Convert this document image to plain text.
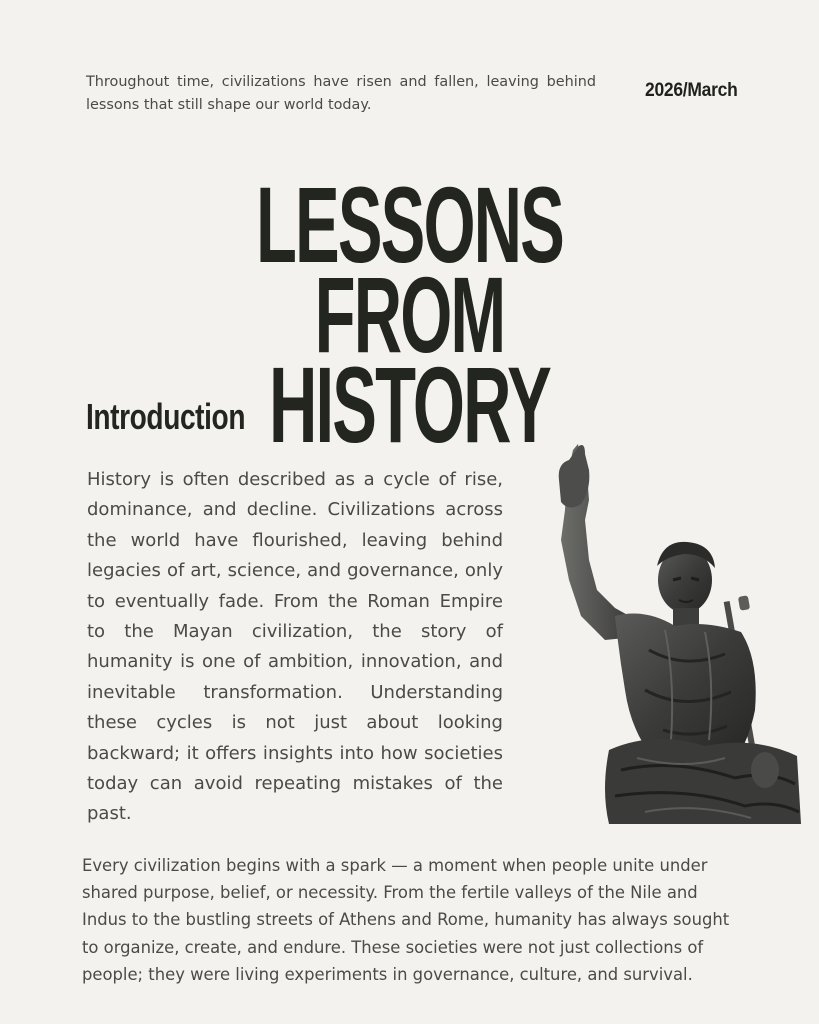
Throughout time, civilizations have risen and fallen, leaving behind lessons that still shape our world today.

2026/March
LESSONS FROM
HISTORY
Introduction

History is often described as a cycle of rise, dominance, and decline. Civilizations across the world have flourished, leaving behind legacies of art, science, and governance, only to eventually fade. From the Roman Empire to the Mayan civilization, the story of humanity is one of ambition, innovation, and inevitable transformation. Understanding these cycles is not just about looking backward; it offers insights into how societies today can avoid repeating mistakes of the past.

Every civilization begins with a spark — a moment when people unite under shared purpose, belief, or necessity. From the fertile valleys of the Nile and Indus to the bustling streets of Athens and Rome, humanity has always sought to organize, create, and endure. These societies were not just collections of people; they were living experiments in governance, culture, and survival.
